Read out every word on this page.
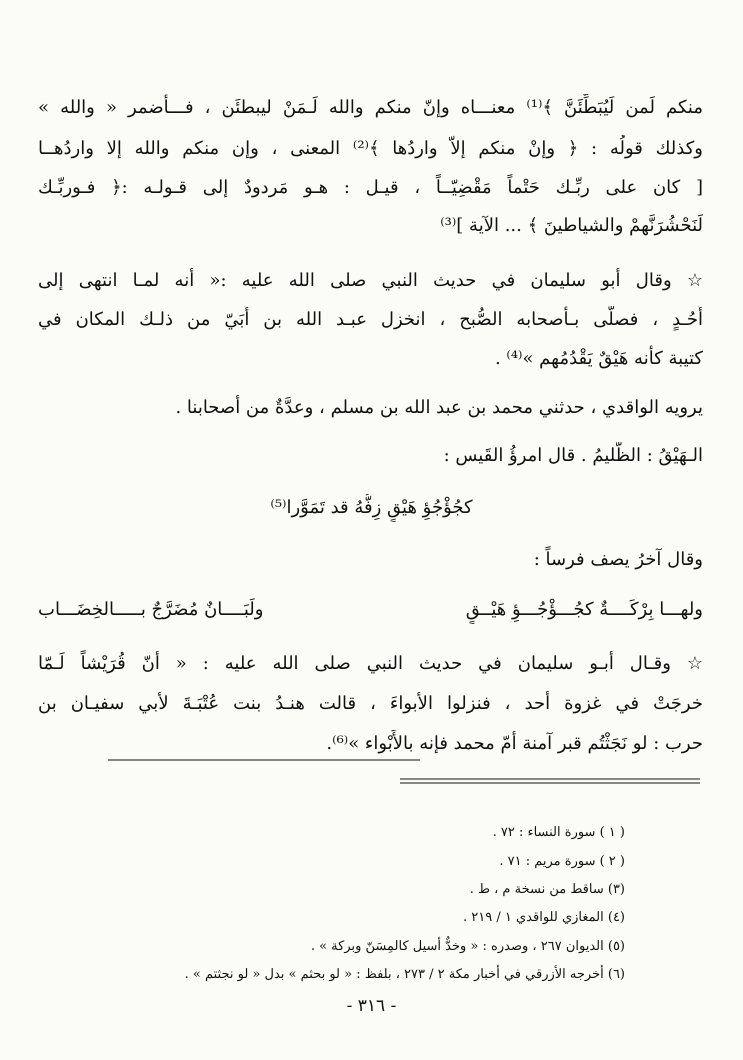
منكم لَمن لَيُبَطِّئَنَّ ﴾⁽¹⁾ معنـــاه وإنّ منكم والله لَـمَنْ ليبطئَن ، فـــأضمر « والله »
وكذلك قولُه : ﴿ وإنْ منكم إلاّ واردُها ﴾⁽²⁾ المعنى ، وإن منكم والله إلا واردُهــا
[ كان على ربِّـك حَتْماً مَقْضِيّــاً ، قيـل : هـو مَردودٌ إلى قـولـه :﴿ فـوربِّـك
لَنَحْشُرَنَّهمْ والشياطينَ ﴾ ... الآية ]⁽³⁾
☆ وقال أبو سليمان في حديث النبي صلى الله عليه :« أنه لمـا انتهى إلى
أُحُـدٍ ، فصلّى بـأصحابه الصُّبح ، انخزل عبـد الله بن أُبَيّ من ذلـك المكان في
كتيبة كأنه هَيْقٌ يَقْدُمُهم »⁽⁴⁾ .
يرويه الواقدي ، حدثني محمد بن عبد الله بن مسلم ، وعدَّةٌ من أصحابنا .
الـهَيْقُ : الظَّليمُ . قال امرؤُ القَيس :
كجُؤْجُؤِ هَيْقٍ زِفُّهُ قد تَمَوَّرا⁽⁵⁾
وقال آخرُ يصف فرساً :
ولهـــا بِرْكَــــةٌ كجُـــؤْجُـــؤِ هَيْــقٍ
ولَبَــــانٌ مُضَرَّجٌ بـــــالخِضَـــاب
☆ وقـال أبـو سليمان في حديث النبي صلى الله عليه : « أنّ قُرَيْشاً لَـمّا
خرجَتْ في غزوة أحد ، فنزلوا الأبواءَ ، قالت هنـدُ بنت عُتْبَـةَ لأبي سفيـان بن
حرب : لو نَجَثْتُم قبر آمنة أمّ محمد فإنه بالأَبْواء »⁽⁶⁾.
( ١ ) سورة النساء : ٧٢ .
( ٢ ) سورة مريم : ٧١ .
(٣) ساقط من نسخة م ، ط .
(٤) المغازي للواقدي ١ / ٢١٩ .
(٥) الديوان ٢٦٧ ، وصدره : « وخدٌّ أسيل كالمِسَنّ وبركة » .
(٦) أخرجه الأزرقي في أخبار مكة ٢ / ٢٧٣ ، بلفظ : « لو بحثم » بدل « لو نجثتم » .
- ٣١٦ -
